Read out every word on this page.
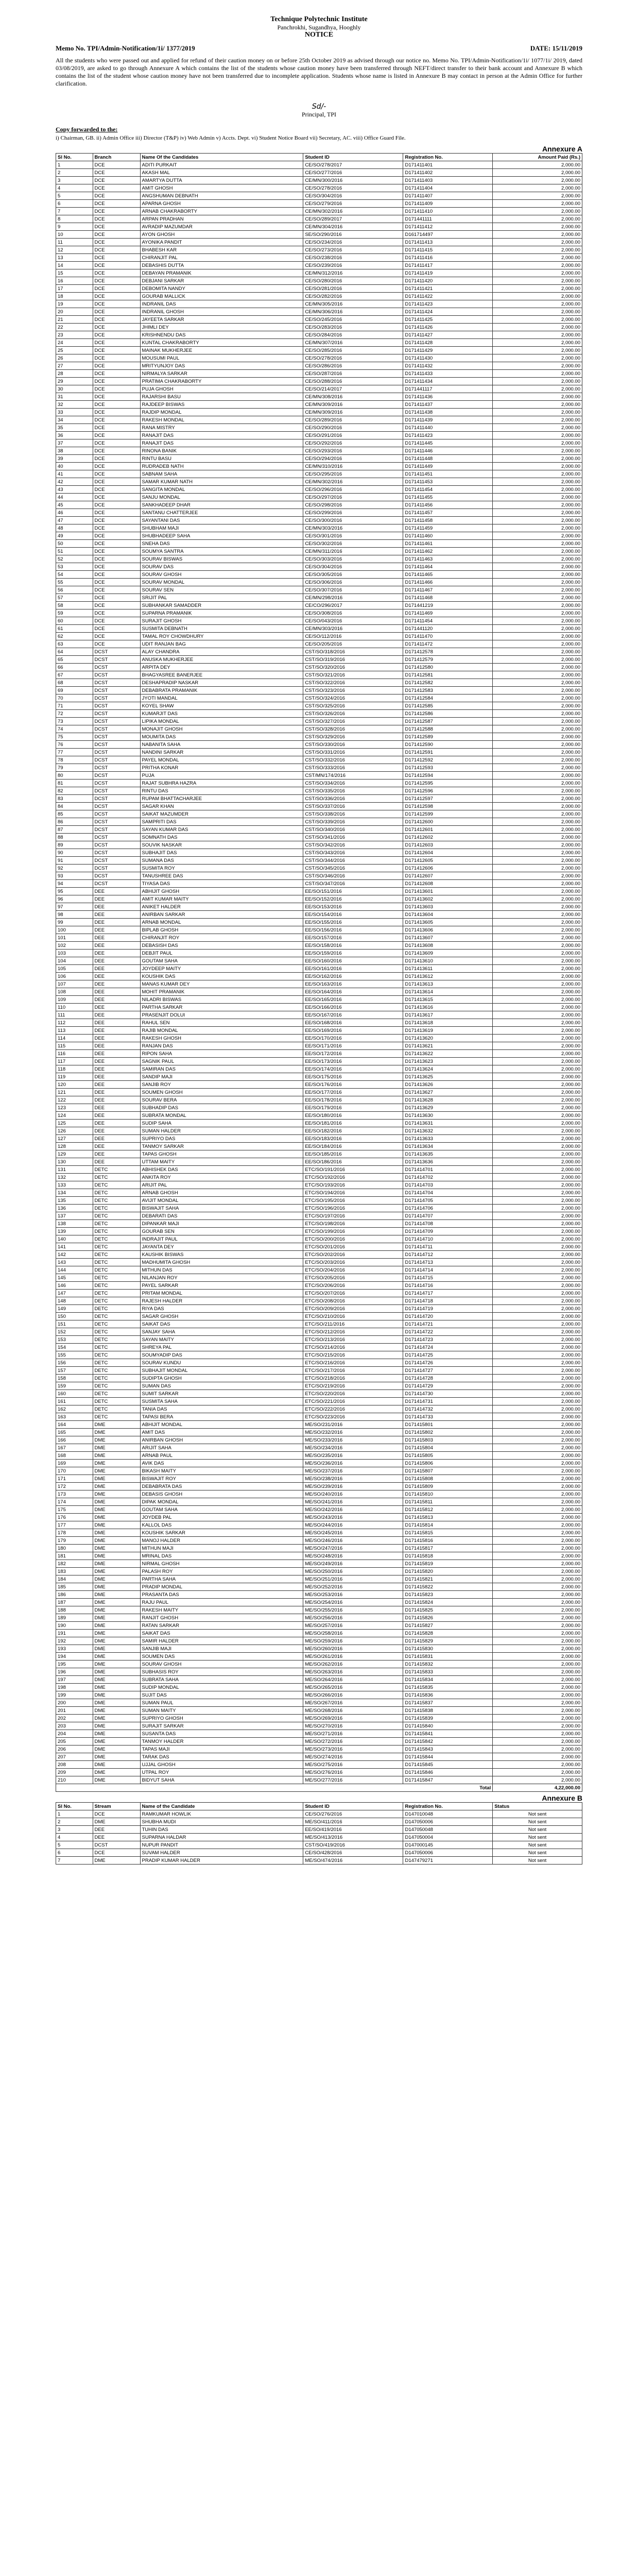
Technique Polytechnic Institute
Panchrokhi, Sugandhya, Hooghly
NOTICE
Memo No. TPI/Admin-Notification/1i/ 1377/2019	DATE: 15/11/2019
All the students who were passed out and applied for refund of their caution money on or before 25th October 2019 as advised through our notice no. Memo No. TPI/Admin-Notification/1i/ 1077/1i/ 2019, dated 03/08/2019, are asked to go through Annexure A which contains the list of the students whose caution money have been transferred through NEFT/direct transfer to their bank account and Annexure B which contains the list of the student whose caution money have not been transferred due to incomplete application. Students whose name is listed in Annexure B may contact in person at the Admin Office for further clarification.
Sd/-
Principal, TPI
Copy forwarded to the:
i) Chairman, GB. ii) Admin Office iii) Director (T&P) iv) Web Admin v) Accts. Dept. vi) Student Notice Board vii) Secretary, AC. viii) Office Guard File.
Annexure A
Sl No.	Branch	Name Of the Candidates	Student ID	Registration No.	Amount Paid (Rs.)
1	DCE	ADITI PURKAIT	CE/SO/278/2017	D171411401	2,000.00
2	DCE	AKASH MAL	CE/SO/277/2016	D171411402	2,000.00
3	DCE	AMARTYA DUTTA	CE/MN/300/2016	D171411403	2,000.00
4	DCE	AMIT GHOSH	CE/SO/278/2016	D171411404	2,000.00
5	DCE	ANGSHUMAN DEBNATH	CE/SO/304/2016	D171411407	2,000.00
6	DCE	APARNA GHOSH	CE/SO/279/2016	D171411409	2,000.00
7	DCE	ARNAB CHAKRABORTY	CE/MN/302/2016	D171411410	2,000.00
8	DCE	ARPAN PRADHAN	CE/SO/289/2017	D171441111	2,000.00
9	DCE	AVRADIP MAZUMDAR	CE/MN/304/2016	D171411412	2,000.00
10	DCE	AYON GHOSH	SE/SO/290/2016	D161714497	2,000.00
11	DCE	AYONIKA PANDIT	CE/SO/234/2016	D171411413	2,000.00
12	DCE	BHABESH KAR	CE/SO/273/2016	D171411415	2,000.00
13	DCE	CHIRANJIT PAL	CE/SO/238/2016	D171411416	2,000.00
14	DCE	DEBASHIS DUTTA	CE/SO/239/2016	D171411417	2,000.00
15	DCE	DEBAYAN PRAMANIK	CE/MN/312/2016	D171411419	2,000.00
16	DCE	DEBJANI SARKAR	CE/SO/280/2016	D171411420	2,000.00
17	DCE	DEBOMITA NANDY	CE/SO/281/2016	D171411421	2,000.00
18	DCE	GOURAB MALLICK	CE/SO/282/2016	D171411422	2,000.00
19	DCE	INDRANIL DAS	CE/MN/305/2016	D171411423	2,000.00
20	DCE	INDRANIL GHOSH	CE/MN/306/2016	D171411424	2,000.00
21	DCE	JAYEETA SARKAR	CE/SO/245/2016	D171411425	2,000.00
22	DCE	JHIMLI DEY	CE/SO/283/2016	D171411426	2,000.00
23	DCE	KRISHNENDU DAS	CE/SO/284/2016	D171411427	2,000.00
24	DCE	KUNTAL CHAKRABORTY	CE/MN/307/2016	D171411428	2,000.00
25	DCE	MAINAK MUKHERJEE	CE/SO/285/2016	D171411429	2,000.00
26	DCE	MOUSUMI PAUL	CE/SO/278/2016	D171411430	2,000.00
27	DCE	MRITYUNJOY DAS	CE/SO/286/2016	D171411432	2,000.00
28	DCE	NIRMALYA SARKAR	CE/SO/287/2016	D171411433	2,000.00
29	DCE	PRATIMA CHAKRABORTY	CE/SO/288/2016	D171411434	2,000.00
30	DCE	PUJA GHOSH	CE/SO/214/2017	D171441117	2,000.00
31	DCE	RAJARSHI BASU	CE/MN/308/2016	D171411436	2,000.00
32	DCE	RAJDEEP BISWAS	CE/MN/309/2016	D171411437	2,000.00
33	DCE	RAJDIP MONDAL	CE/MN/309/2016	D171411438	2,000.00
34	DCE	RAKESH MONDAL	CE/SO/289/2016	D171411439	2,000.00
35	DCE	RANA MISTRY	CE/SO/290/2016	D171411440	2,000.00
36	DCE	RANAJIT DAS	CE/SO/291/2016	D171411423	2,000.00
37	DCE	RANAJIT DAS	CE/SO/292/2016	D171411445	2,000.00
38	DCE	RINONA BANIK	CE/SO/293/2016	D171411446	2,000.00
39	DCE	RINTU BASU	CE/SO/294/2016	D171411448	2,000.00
40	DCE	RUDRADEB NATH	CE/MN/310/2016	D171411449	2,000.00
41	DCE	SABNAM SAHA	CE/SO/295/2016	D171411451	2,000.00
42	DCE	SAMAR KUMAR NATH	CE/MN/302/2016	D171411453	2,000.00
43	DCE	SANGITA MONDAL	CE/SO/296/2016	D171411454	2,000.00
44	DCE	SANJU MONDAL	CE/SO/297/2016	D171411455	2,000.00
45	DCE	SANKHADEEP DHAR	CE/SO/298/2016	D171411456	2,000.00
46	DCE	SANTANU CHATTERJEE	CE/SO/299/2016	D171411457	2,000.00
47	DCE	SAYANTANI DAS	CE/SO/300/2016	D171411458	2,000.00
48	DCE	SHUBHAM MAJI	CE/MN/303/2016	D171411459	2,000.00
49	DCE	SHUBHADEEP SAHA	CE/SO/301/2016	D171411460	2,000.00
50	DCE	SNEHA DAS	CE/SO/302/2016	D171411461	2,000.00
51	DCE	SOUMYA SANTRA	CE/MN/311/2016	D171411462	2,000.00
52	DCE	SOURAV BISWAS	CE/SO/303/2016	D171411463	2,000.00
53	DCE	SOURAV DAS	CE/SO/304/2016	D171411464	2,000.00
54	DCE	SOURAV GHOSH	CE/SO/305/2016	D171411465	2,000.00
55	DCE	SOURAV MONDAL	CE/SO/306/2016	D171411466	2,000.00
56	DCE	SOURAV SEN	CE/SO/307/2016	D171411467	2,000.00
57	DCE	SRIJIT PAL	CE/MN/298/2016	D171411468	2,000.00
58	DCE	SUBHANKAR SAMADDER	CE/CO/296/2017	D171441219	2,000.00
59	DCE	SUPARNA PRAMANIK	CE/SO/308/2016	D171411469	2,000.00
60	DCE	SURAJIT GHOSH	CE/SO/043/2016	D171411454	2,000.00
61	DCE	SUSMITA DEBNATH	CE/MN/303/2016	D171441120	2,000.00
62	DCE	TAMAL ROY CHOWDHURY	CE/SO/112/2016	D171411470	2,000.00
63	DCE	UDIT RANJAN BAG	CE/SO/205/2016	D171411472	2,000.00
64	DCST	ALAY CHANDRA	CST/SO/318/2016	D171412578	2,000.00
65	DCST	ANUSKA MUKHERJEE	CST/SO/319/2016	D171412579	2,000.00
66	DCST	ARPITA DEY	CST/SO/320/2016	D171412580	2,000.00
67	DCST	BHAGYASREE BANERJEE	CST/SO/321/2016	D171412581	2,000.00
68	DCST	DESHAPRADIP NASKAR	CST/SO/322/2016	D171412582	2,000.00
69	DCST	DEBABRATA PRAMANIK	CST/SO/323/2016	D171412583	2,000.00
70	DCST	JYOTI MANDAL	CST/SO/324/2016	D171412584	2,000.00
71	DCST	KOYEL SHAW	CST/SO/325/2016	D171412585	2,000.00
72	DCST	KUMARJIT DAS	CST/SO/326/2016	D171412586	2,000.00
73	DCST	LIPIKA MONDAL	CST/SO/327/2016	D171412587	2,000.00
74	DCST	MONAJIT GHOSH	CST/SO/328/2016	D171412588	2,000.00
75	DCST	MOUMITA DAS	CST/SO/329/2016	D171412589	2,000.00
76	DCST	NABANITA SAHA	CST/SO/330/2016	D171412590	2,000.00
77	DCST	NANDINI SARKAR	CST/SO/331/2016	D171412591	2,000.00
78	DCST	PAYEL MONDAL	CST/SO/332/2016	D171412592	2,000.00
79	DCST	PRITHA KONAR	CST/SO/333/2016	D171412593	2,000.00
80	DCST	PUJA	CST/MN/174/2016	D171412594	2,000.00
81	DCST	RAJAT SUBHRA HAZRA	CST/SO/334/2016	D171412595	2,000.00
82	DCST	RINTU DAS	CST/SO/335/2016	D171412596	2,000.00
83	DCST	RUPAM BHATTACHARJEE	CST/SO/336/2016	D171412597	2,000.00
84	DCST	SAGAR KHAN	CST/SO/337/2016	D171412598	2,000.00
85	DCST	SAIKAT MAZUMDER	CST/SO/338/2016	D171412599	2,000.00
86	DCST	SAMPRITI DAS	CST/SO/339/2016	D171412600	2,000.00
87	DCST	SAYAN KUMAR DAS	CST/SO/340/2016	D171412601	2,000.00
88	DCST	SOMNATH DAS	CST/SO/341/2016	D171412602	2,000.00
89	DCST	SOUVIK NASKAR	CST/SO/342/2016	D171412603	2,000.00
90	DCST	SUBHAJIT DAS	CST/SO/343/2016	D171412604	2,000.00
91	DCST	SUMANA DAS	CST/SO/344/2016	D171412605	2,000.00
92	DCST	SUSMITA ROY	CST/SO/345/2016	D171412606	2,000.00
93	DCST	TANUSHREE DAS	CST/SO/346/2016	D171412607	2,000.00
94	DCST	TIYASA DAS	CST/SO/347/2016	D171412608	2,000.00
95	DEE	ABHIJIT GHOSH	EE/SO/151/2016	D171413601	2,000.00
96	DEE	AMIT KUMAR MAITY	EE/SO/152/2016	D171413602	2,000.00
97	DEE	ANIKET HALDER	EE/SO/153/2016	D171413603	2,000.00
98	DEE	ANIRBAN SARKAR	EE/SO/154/2016	D171413604	2,000.00
99	DEE	ARNAB MONDAL	EE/SO/155/2016	D171413605	2,000.00
100	DEE	BIPLAB GHOSH	EE/SO/156/2016	D171413606	2,000.00
101	DEE	CHIRANJIT ROY	EE/SO/157/2016	D171413607	2,000.00
102	DEE	DEBASISH DAS	EE/SO/158/2016	D171413608	2,000.00
103	DEE	DEBJIT PAUL	EE/SO/159/2016	D171413609	2,000.00
104	DEE	GOUTAM SAHA	EE/SO/160/2016	D171413610	2,000.00
105	DEE	JOYDEEP MAITY	EE/SO/161/2016	D171413611	2,000.00
106	DEE	KOUSHIK DAS	EE/SO/162/2016	D171413612	2,000.00
107	DEE	MANAS KUMAR DEY	EE/SO/163/2016	D171413613	2,000.00
108	DEE	MOHIT PRAMANIK	EE/SO/164/2016	D171413614	2,000.00
109	DEE	NILADRI BISWAS	EE/SO/165/2016	D171413615	2,000.00
110	DEE	PARTHA SARKAR	EE/SO/166/2016	D171413616	2,000.00
111	DEE	PRASENJIT DOLUI	EE/SO/167/2016	D171413617	2,000.00
112	DEE	RAHUL SEN	EE/SO/168/2016	D171413618	2,000.00
113	DEE	RAJIB MONDAL	EE/SO/169/2016	D171413619	2,000.00
114	DEE	RAKESH GHOSH	EE/SO/170/2016	D171413620	2,000.00
115	DEE	RANJAN DAS	EE/SO/171/2016	D171413621	2,000.00
116	DEE	RIPON SAHA	EE/SO/172/2016	D171413622	2,000.00
117	DEE	SAGNIK PAUL	EE/SO/173/2016	D171413623	2,000.00
118	DEE	SAMIRAN DAS	EE/SO/174/2016	D171413624	2,000.00
119	DEE	SANDIP MAJI	EE/SO/175/2016	D171413625	2,000.00
120	DEE	SANJIB ROY	EE/SO/176/2016	D171413626	2,000.00
121	DEE	SOUMEN GHOSH	EE/SO/177/2016	D171413627	2,000.00
122	DEE	SOURAV BERA	EE/SO/178/2016	D171413628	2,000.00
123	DEE	SUBHADIP DAS	EE/SO/179/2016	D171413629	2,000.00
124	DEE	SUBRATA MONDAL	EE/SO/180/2016	D171413630	2,000.00
125	DEE	SUDIP SAHA	EE/SO/181/2016	D171413631	2,000.00
126	DEE	SUMAN HALDER	EE/SO/182/2016	D171413632	2,000.00
127	DEE	SUPRIYO DAS	EE/SO/183/2016	D171413633	2,000.00
128	DEE	TANMOY SARKAR	EE/SO/184/2016	D171413634	2,000.00
129	DEE	TAPAS GHOSH	EE/SO/185/2016	D171413635	2,000.00
130	DEE	UTTAM MAITY	EE/SO/186/2016	D171413636	2,000.00
131	DETC	ABHISHEK DAS	ETC/SO/191/2016	D171414701	2,000.00
132	DETC	ANKITA ROY	ETC/SO/192/2016	D171414702	2,000.00
133	DETC	ARIJIT PAL	ETC/SO/193/2016	D171414703	2,000.00
134	DETC	ARNAB GHOSH	ETC/SO/194/2016	D171414704	2,000.00
135	DETC	AVIJIT MONDAL	ETC/SO/195/2016	D171414705	2,000.00
136	DETC	BISWAJIT SAHA	ETC/SO/196/2016	D171414706	2,000.00
137	DETC	DEBARATI DAS	ETC/SO/197/2016	D171414707	2,000.00
138	DETC	DIPANKAR MAJI	ETC/SO/198/2016	D171414708	2,000.00
139	DETC	GOURAB SEN	ETC/SO/199/2016	D171414709	2,000.00
140	DETC	INDRAJIT PAUL	ETC/SO/200/2016	D171414710	2,000.00
141	DETC	JAYANTA DEY	ETC/SO/201/2016	D171414711	2,000.00
142	DETC	KAUSHIK BISWAS	ETC/SO/202/2016	D171414712	2,000.00
143	DETC	MADHUMITA GHOSH	ETC/SO/203/2016	D171414713	2,000.00
144	DETC	MITHUN DAS	ETC/SO/204/2016	D171414714	2,000.00
145	DETC	NILANJAN ROY	ETC/SO/205/2016	D171414715	2,000.00
146	DETC	PAYEL SARKAR	ETC/SO/206/2016	D171414716	2,000.00
147	DETC	PRITAM MONDAL	ETC/SO/207/2016	D171414717	2,000.00
148	DETC	RAJESH HALDER	ETC/SO/208/2016	D171414718	2,000.00
149	DETC	RIYA DAS	ETC/SO/209/2016	D171414719	2,000.00
150	DETC	SAGAR GHOSH	ETC/SO/210/2016	D171414720	2,000.00
151	DETC	SAIKAT DAS	ETC/SO/211/2016	D171414721	2,000.00
152	DETC	SANJAY SAHA	ETC/SO/212/2016	D171414722	2,000.00
153	DETC	SAYAN MAITY	ETC/SO/213/2016	D171414723	2,000.00
154	DETC	SHREYA PAL	ETC/SO/214/2016	D171414724	2,000.00
155	DETC	SOUMYADIP DAS	ETC/SO/215/2016	D171414725	2,000.00
156	DETC	SOURAV KUNDU	ETC/SO/216/2016	D171414726	2,000.00
157	DETC	SUBHAJIT MONDAL	ETC/SO/217/2016	D171414727	2,000.00
158	DETC	SUDIPTA GHOSH	ETC/SO/218/2016	D171414728	2,000.00
159	DETC	SUMAN DAS	ETC/SO/219/2016	D171414729	2,000.00
160	DETC	SUMIT SARKAR	ETC/SO/220/2016	D171414730	2,000.00
161	DETC	SUSMITA SAHA	ETC/SO/221/2016	D171414731	2,000.00
162	DETC	TANIA DAS	ETC/SO/222/2016	D171414732	2,000.00
163	DETC	TAPASI BERA	ETC/SO/223/2016	D171414733	2,000.00
164	DME	ABHIJIT MONDAL	ME/SO/231/2016	D171415801	2,000.00
165	DME	AMIT DAS	ME/SO/232/2016	D171415802	2,000.00
166	DME	ANIRBAN GHOSH	ME/SO/233/2016	D171415803	2,000.00
167	DME	ARIJIT SAHA	ME/SO/234/2016	D171415804	2,000.00
168	DME	ARNAB PAUL	ME/SO/235/2016	D171415805	2,000.00
169	DME	AVIK DAS	ME/SO/236/2016	D171415806	2,000.00
170	DME	BIKASH MAITY	ME/SO/237/2016	D171415807	2,000.00
171	DME	BISWAJIT ROY	ME/SO/238/2016	D171415808	2,000.00
172	DME	DEBABRATA DAS	ME/SO/239/2016	D171415809	2,000.00
173	DME	DEBASIS GHOSH	ME/SO/240/2016	D171415810	2,000.00
174	DME	DIPAK MONDAL	ME/SO/241/2016	D171415811	2,000.00
175	DME	GOUTAM SAHA	ME/SO/242/2016	D171415812	2,000.00
176	DME	JOYDEB PAL	ME/SO/243/2016	D171415813	2,000.00
177	DME	KALLOL DAS	ME/SO/244/2016	D171415814	2,000.00
178	DME	KOUSHIK SARKAR	ME/SO/245/2016	D171415815	2,000.00
179	DME	MANOJ HALDER	ME/SO/246/2016	D171415816	2,000.00
180	DME	MITHUN MAJI	ME/SO/247/2016	D171415817	2,000.00
181	DME	MRINAL DAS	ME/SO/248/2016	D171415818	2,000.00
182	DME	NIRMAL GHOSH	ME/SO/249/2016	D171415819	2,000.00
183	DME	PALASH ROY	ME/SO/250/2016	D171415820	2,000.00
184	DME	PARTHA SAHA	ME/SO/251/2016	D171415821	2,000.00
185	DME	PRADIP MONDAL	ME/SO/252/2016	D171415822	2,000.00
186	DME	PRASANTA DAS	ME/SO/253/2016	D171415823	2,000.00
187	DME	RAJU PAUL	ME/SO/254/2016	D171415824	2,000.00
188	DME	RAKESH MAITY	ME/SO/255/2016	D171415825	2,000.00
189	DME	RANJIT GHOSH	ME/SO/256/2016	D171415826	2,000.00
190	DME	RATAN SARKAR	ME/SO/257/2016	D171415827	2,000.00
191	DME	SAIKAT DAS	ME/SO/258/2016	D171415828	2,000.00
192	DME	SAMIR HALDER	ME/SO/259/2016	D171415829	2,000.00
193	DME	SANJIB MAJI	ME/SO/260/2016	D171415830	2,000.00
194	DME	SOUMEN DAS	ME/SO/261/2016	D171415831	2,000.00
195	DME	SOURAV GHOSH	ME/SO/262/2016	D171415832	2,000.00
196	DME	SUBHASIS ROY	ME/SO/263/2016	D171415833	2,000.00
197	DME	SUBRATA SAHA	ME/SO/264/2016	D171415834	2,000.00
198	DME	SUDIP MONDAL	ME/SO/265/2016	D171415835	2,000.00
199	DME	SUJIT DAS	ME/SO/266/2016	D171415836	2,000.00
200	DME	SUMAN PAUL	ME/SO/267/2016	D171415837	2,000.00
201	DME	SUMAN MAITY	ME/SO/268/2016	D171415838	2,000.00
202	DME	SUPRIYO GHOSH	ME/SO/269/2016	D171415839	2,000.00
203	DME	SURAJIT SARKAR	ME/SO/270/2016	D171415840	2,000.00
204	DME	SUSANTA DAS	ME/SO/271/2016	D171415841	2,000.00
205	DME	TANMOY HALDER	ME/SO/272/2016	D171415842	2,000.00
206	DME	TAPAS MAJI	ME/SO/273/2016	D171415843	2,000.00
207	DME	TARAK DAS	ME/SO/274/2016	D171415844	2,000.00
208	DME	UJJAL GHOSH	ME/SO/275/2016	D171415845	2,000.00
209	DME	UTPAL ROY	ME/SO/276/2016	D171415846	2,000.00
210	DME	BIDYUT SAHA	ME/SO/277/2016	D171415847	2,000.00
Total					4,22,000.00
Annexure B
Sl No.	Stream	Name of the Candidate	Student ID	Registration No.	Status
1	DCE	RAMKUMAR HOWLIK	CE/SO/276/2016	D147010048	Not sent
2	DME	SHUBHA MUDI	ME/SO/411/2016	D147050006	Not sent
3	DEE	TUHIN DAS	EE/SO/419/2016	D147050048	Not sent
4	DEE	SUPARNA HALDAR	ME/SO/413/2016	D147050004	Not sent
5	DCST	NUPUR PANDIT	CST/SO/419/2016	D147000145	Not sent
6	DCE	SUVAM HALDER	CE/SO/428/2016	D147050006	Not sent
7	DME	PRADIP KUMAR HALDER	ME/SO/474/2016	D147479271	Not sent
